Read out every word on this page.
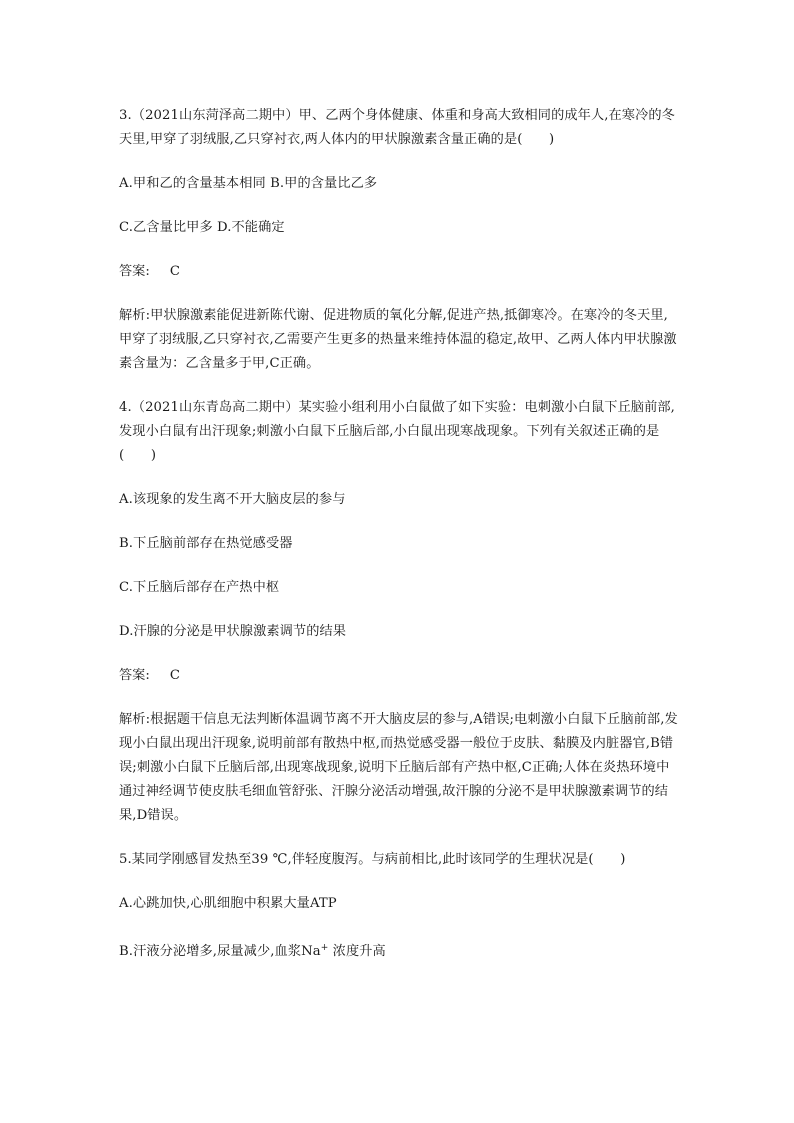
3.（2021山东菏泽高二期中）甲、乙两个身体健康、体重和身高大致相同的成年人,在寒冷的冬天里,甲穿了羽绒服,乙只穿衬衣,两人体内的甲状腺激素含量正确的是(　　)

A.甲和乙的含量基本相同 B.甲的含量比乙多

C.乙含量比甲多 D.不能确定

答案: C

解析:甲状腺激素能促进新陈代谢、促进物质的氧化分解,促进产热,抵御寒冷。在寒冷的冬天里,甲穿了羽绒服,乙只穿衬衣,乙需要产生更多的热量来维持体温的稳定,故甲、乙两人体内甲状腺激素含量为：乙含量多于甲,C正确。

4.（2021山东青岛高二期中）某实验小组利用小白鼠做了如下实验：电刺激小白鼠下丘脑前部,发现小白鼠有出汗现象;刺激小白鼠下丘脑后部,小白鼠出现寒战现象。下列有关叙述正确的是(　　)

A.该现象的发生离不开大脑皮层的参与

B.下丘脑前部存在热觉感受器

C.下丘脑后部存在产热中枢

D.汗腺的分泌是甲状腺激素调节的结果

答案: C

解析:根据题干信息无法判断体温调节离不开大脑皮层的参与,A错误;电刺激小白鼠下丘脑前部,发现小白鼠出现出汗现象,说明前部有散热中枢,而热觉感受器一般位于皮肤、黏膜及内脏器官,B错误;刺激小白鼠下丘脑后部,出现寒战现象,说明下丘脑后部有产热中枢,C正确;人体在炎热环境中通过神经调节使皮肤毛细血管舒张、汗腺分泌活动增强,故汗腺的分泌不是甲状腺激素调节的结果,D错误。

5.某同学刚感冒发热至39 ℃,伴轻度腹泻。与病前相比,此时该同学的生理状况是(　　)

A.心跳加快,心肌细胞中积累大量ATP

B.汗液分泌增多,尿量减少,血浆Na+ 浓度升高
